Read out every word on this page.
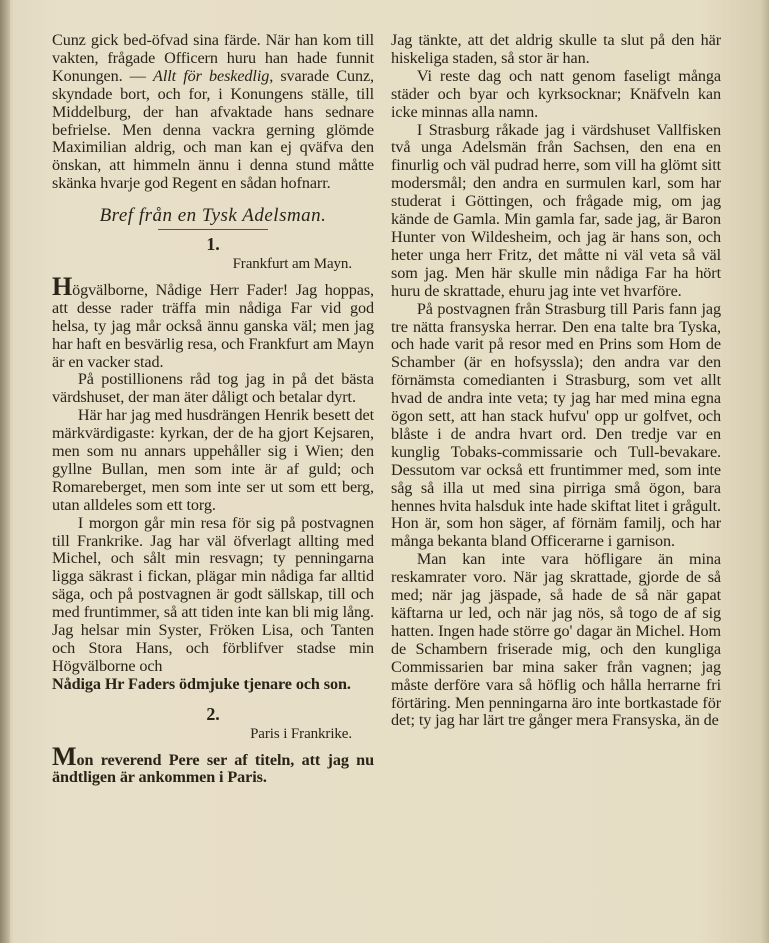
Cunz gick bed-öfvad sina färde. När han kom till vakten, frågade Officern huru han hade funnit Konungen. — Allt för beskedlig, svarade Cunz, skyndade bort, och for, i Konungens ställe, till Middelburg, der han afvaktade hans sednare befrielse. Men denna vackra gerning glömde Maximilian aldrig, och man kan ej qväfva den önskan, att himmeln ännu i denna stund måtte skänka hvarje god Regent en sådan hofnarr.

Bref från en Tysk Adelsman.
1.
Frankfurt am Mayn.

Högvälborne, Nådige Herr Fader! Jag hoppas, att desse rader träffa min nådiga Far vid god helsa, ty jag mår också ännu ganska väl; men jag har haft en besvärlig resa, och Frankfurt am Mayn är en vacker stad.

På postillionens råd tog jag in på det bästa värdshuset, der man äter dåligt och betalar dyrt.

Här har jag med husdrängen Henrik besett det märkvärdigaste: kyrkan, der de ha gjort Kejsaren, men som nu annars uppehåller sig i Wien; den gyllne Bullan, men som inte är af guld; och Romareberget, men som inte ser ut som ett berg, utan alldeles som ett torg.

I morgon går min resa för sig på postvagnen till Frankrike. Jag har väl öfverlagt allting med Michel, och sålt min resvagn; ty penningarna ligga säkrast i fickan, plägar min nådiga far alltid säga, och på postvagnen är godt sällskap, till och med fruntimmer, så att tiden inte kan bli mig lång. Jag helsar min Syster, Fröken Lisa, och Tanten och Stora Hans, och förblifver stadse min Högvälborne och

Nådiga Hr Faders ödmjuke tjenare och son.

2.
Paris i Frankrike.

Mon reverend Pere ser af titeln, att jag nu ändtligen är ankommen i Paris.

Jag tänkte, att det aldrig skulle ta slut på den här hiskeliga staden, så stor är han.

Vi reste dag och natt genom faseligt många städer och byar och kyrksocknar; Knäfveln kan icke minnas alla namn.

I Strasburg råkade jag i värdshuset Vallfisken två unga Adelsmän från Sachsen, den ena en finurlig och väl pudrad herre, som vill ha glömt sitt modersmål; den andra en surmulen karl, som har studerat i Göttingen, och frågade mig, om jag kände de Gamla. Min gamla far, sade jag, är Baron Hunter von Wildesheim, och jag är hans son, och heter unga herr Fritz, det måtte ni väl veta så väl som jag. Men här skulle min nådiga Far ha hört huru de skrattade, ehuru jag inte vet hvarföre.

På postvagnen från Strasburg till Paris fann jag tre nätta fransyska herrar. Den ena talte bra Tyska, och hade varit på resor med en Prins som Hom de Schamber (är en hofsyssla); den andra var den förnämsta comedianten i Strasburg, som vet allt hvad de andra inte veta; ty jag har med mina egna ögon sett, att han stack hufvu' opp ur golfvet, och blåste i de andra hvart ord. Den tredje var en kunglig Tobaks-commissarie och Tull-bevakare. Dessutom var också ett fruntimmer med, som inte såg så illa ut med sina pirriga små ögon, bara hennes hvita halsduk inte hade skiftat litet i grågult. Hon är, som hon säger, af förnäm familj, och har många bekanta bland Officerarne i garnison.

Man kan inte vara höfligare än mina reskamrater voro. När jag skrattade, gjorde de så med; när jag jäspade, så hade de så när gapat käftarna ur led, och när jag nös, så togo de af sig hatten. Ingen hade större go' dagar än Michel. Hom de Schambern friserade mig, och den kungliga Commissarien bar mina saker från vagnen; jag måste derföre vara så höflig och hålla herrarne fri förtäring. Men penningarna äro inte bortkastade för det; ty jag har lärt tre gånger mera Fransyska, än de
